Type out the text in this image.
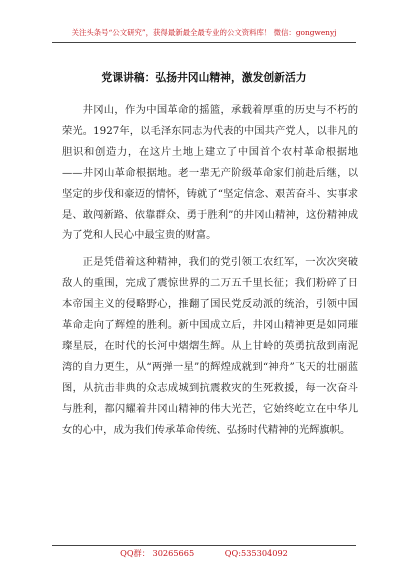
关注头条号“公文研究”，获得最新最全最专业的公文资料库！ 微信：gongwenyj
党课讲稿：弘扬井冈山精神，激发创新活力

井冈山，作为中国革命的摇篮，承载着厚重的历史与不朽的荣光。1927年，以毛泽东同志为代表的中国共产党人，以非凡的胆识和创造力，在这片土地上建立了中国首个农村革命根据地——井冈山革命根据地。老一辈无产阶级革命家们前赴后继，以坚定的步伐和豪迈的情怀，铸就了“坚定信念、艰苦奋斗、实事求是、敢闯新路、依靠群众、勇于胜利”的井冈山精神，这份精神成为了党和人民心中最宝贵的财富。

正是凭借着这种精神，我们的党引领工农红军，一次次突破敌人的重围，完成了震惊世界的二万五千里长征；我们粉碎了日本帝国主义的侵略野心，推翻了国民党反动派的统治，引领中国革命走向了辉煌的胜利。新中国成立后，井冈山精神更是如同璀璨星辰，在时代的长河中熠熠生辉。从上甘岭的英勇抗敌到南泥湾的自力更生，从“两弹一星”的辉煌成就到“神舟”飞天的壮丽蓝图，从抗击非典的众志成城到抗震救灾的生死救援，每一次奋斗与胜利，都闪耀着井冈山精神的伟大光芒，它始终屹立在中华儿女的心中，成为我们传承革命传统、弘扬时代精神的光辉旗帜。

QQ群： 30265665	QQ:535304092
